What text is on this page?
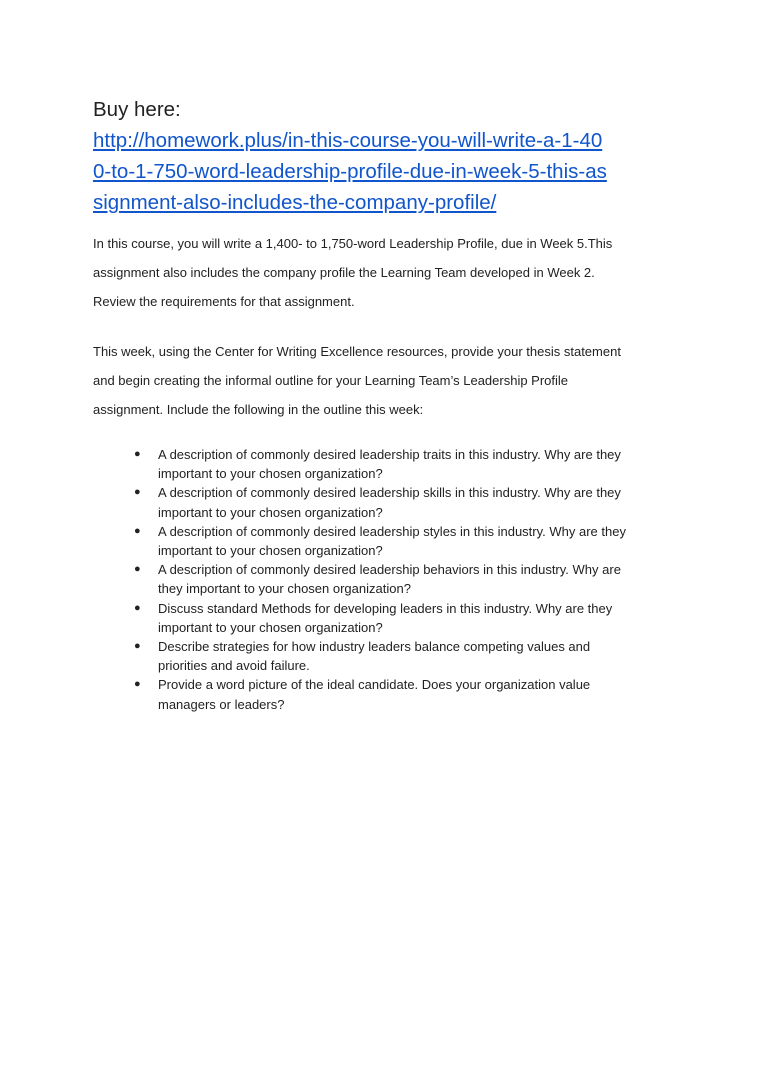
Buy here:

http://homework.plus/in-this-course-you-will-write-a-1-40
0-to-1-750-word-leadership-profile-due-in-week-5-this-as
signment-also-includes-the-company-profile/
In this course, you will write a 1,400- to 1,750-word Leadership Profile, due in Week 5.This
assignment also includes the company profile the Learning Team developed in Week 2.
Review the requirements for that assignment.
This week, using the Center for Writing Excellence resources, provide your thesis statement
and begin creating the informal outline for your Learning Team’s Leadership Profile
assignment. Include the following in the outline this week:
● A description of commonly desired leadership traits in this industry. Why are they
important to your chosen organization?
● A description of commonly desired leadership skills in this industry. Why are they
important to your chosen organization?
● A description of commonly desired leadership styles in this industry. Why are they
important to your chosen organization?
● A description of commonly desired leadership behaviors in this industry. Why are
they important to your chosen organization?
● Discuss standard Methods for developing leaders in this industry. Why are they
important to your chosen organization?
● Describe strategies for how industry leaders balance competing values and
priorities and avoid failure.
● Provide a word picture of the ideal candidate. Does your organization value
managers or leaders?
